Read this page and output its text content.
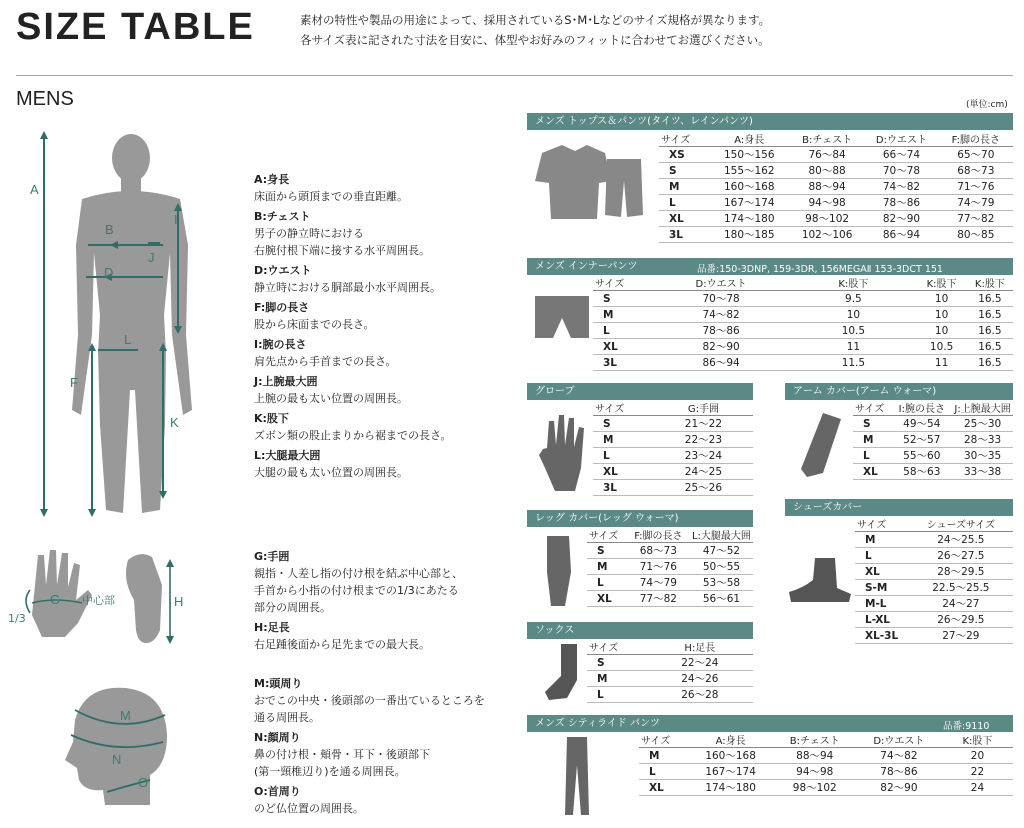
SIZE TABLE	素材の特性や製品の用途によって、採用されているS･M･Lなどのサイズ規格が異なります。
各サイズ表に記された寸法を目安に、体型やお好みのフィットに合わせてお選びください。
MENS	(単位:cm)
A
B
D
I
J
L
F
K
G 中心部
1/3
H
M
N
O
A:身長
床面から頭頂までの垂直距離。
B:チェスト
男子の静立時における
右腕付根下端に接する水平周囲長。
D:ウエスト
静立時における胴部最小水平周囲長。
F:脚の長さ
股から床面までの長さ。
I:腕の長さ
肩先点から手首までの長さ。
J:上腕最大囲
上腕の最も太い位置の周囲長。
K:股下
ズボン類の股止まりから裾までの長さ。
L:大腿最大囲
大腿の最も太い位置の周囲長。
G:手囲
親指・人差し指の付け根を結ぶ中心部と、
手首から小指の付け根までの1/3にあたる
部分の周囲長。
H:足長
右足踵後面から足先までの最大長。
M:頭周り
おでこの中央・後頭部の一番出ているところを
通る周囲長。
N:顔周り
鼻の付け根・頬骨・耳下・後頭部下
(第一頸椎辺り)を通る周囲長。
O:首周り
のど仏位置の周囲長。
メンズ トップス＆パンツ(タイツ、レインパンツ)
サイズ	A:身長	B:チェスト	D:ウエスト	F:脚の長さ
XS	150〜156	76〜84	66〜74	65〜70
S	155〜162	80〜88	70〜78	68〜73
M	160〜168	88〜94	74〜82	71〜76
L	167〜174	94〜98	78〜86	74〜79
XL	174〜180	98〜102	82〜90	77〜82
3L	180〜185	102〜106	86〜94	80〜85
メンズ インナーパンツ	品番:150-3DNP, 159-3DR, 156MEGAⅡ 153-3DCT 151
サイズ	D:ウエスト	K:股下	K:股下	K:股下
S	70〜78	9.5	10	16.5
M	74〜82	10	10	16.5
L	78〜86	10.5	10	16.5
XL	82〜90	11	10.5	16.5
3L	86〜94	11.5	11	16.5
グローブ
サイズ	G:手囲
S	21〜22
M	22〜23
L	23〜24
XL	24〜25
3L	25〜26
アーム カバー(アーム ウォーマ)
サイズ	I:腕の長さ	J:上腕最大囲
S	49〜54	25〜30
M	52〜57	28〜33
L	55〜60	30〜35
XL	58〜63	33〜38
シューズカバー
サイズ	シューズサイズ
M	24〜25.5
L	26〜27.5
XL	28〜29.5
S-M	22.5〜25.5
M-L	24〜27
L-XL	26〜29.5
XL-3L	27〜29
レッグ カバー(レッグ ウォーマ)
サイズ	F:脚の長さ	L:大腿最大囲
S	68〜73	47〜52
M	71〜76	50〜55
L	74〜79	53〜58
XL	77〜82	56〜61
ソックス
サイズ	H:足長
S	22〜24
M	24〜26
L	26〜28
メンズ シティライド パンツ	品番:9110
サイズ	A:身長	B:チェスト	D:ウエスト	K:股下
M	160〜168	88〜94	74〜82	20
L	167〜174	94〜98	78〜86	22
XL	174〜180	98〜102	82〜90	24
